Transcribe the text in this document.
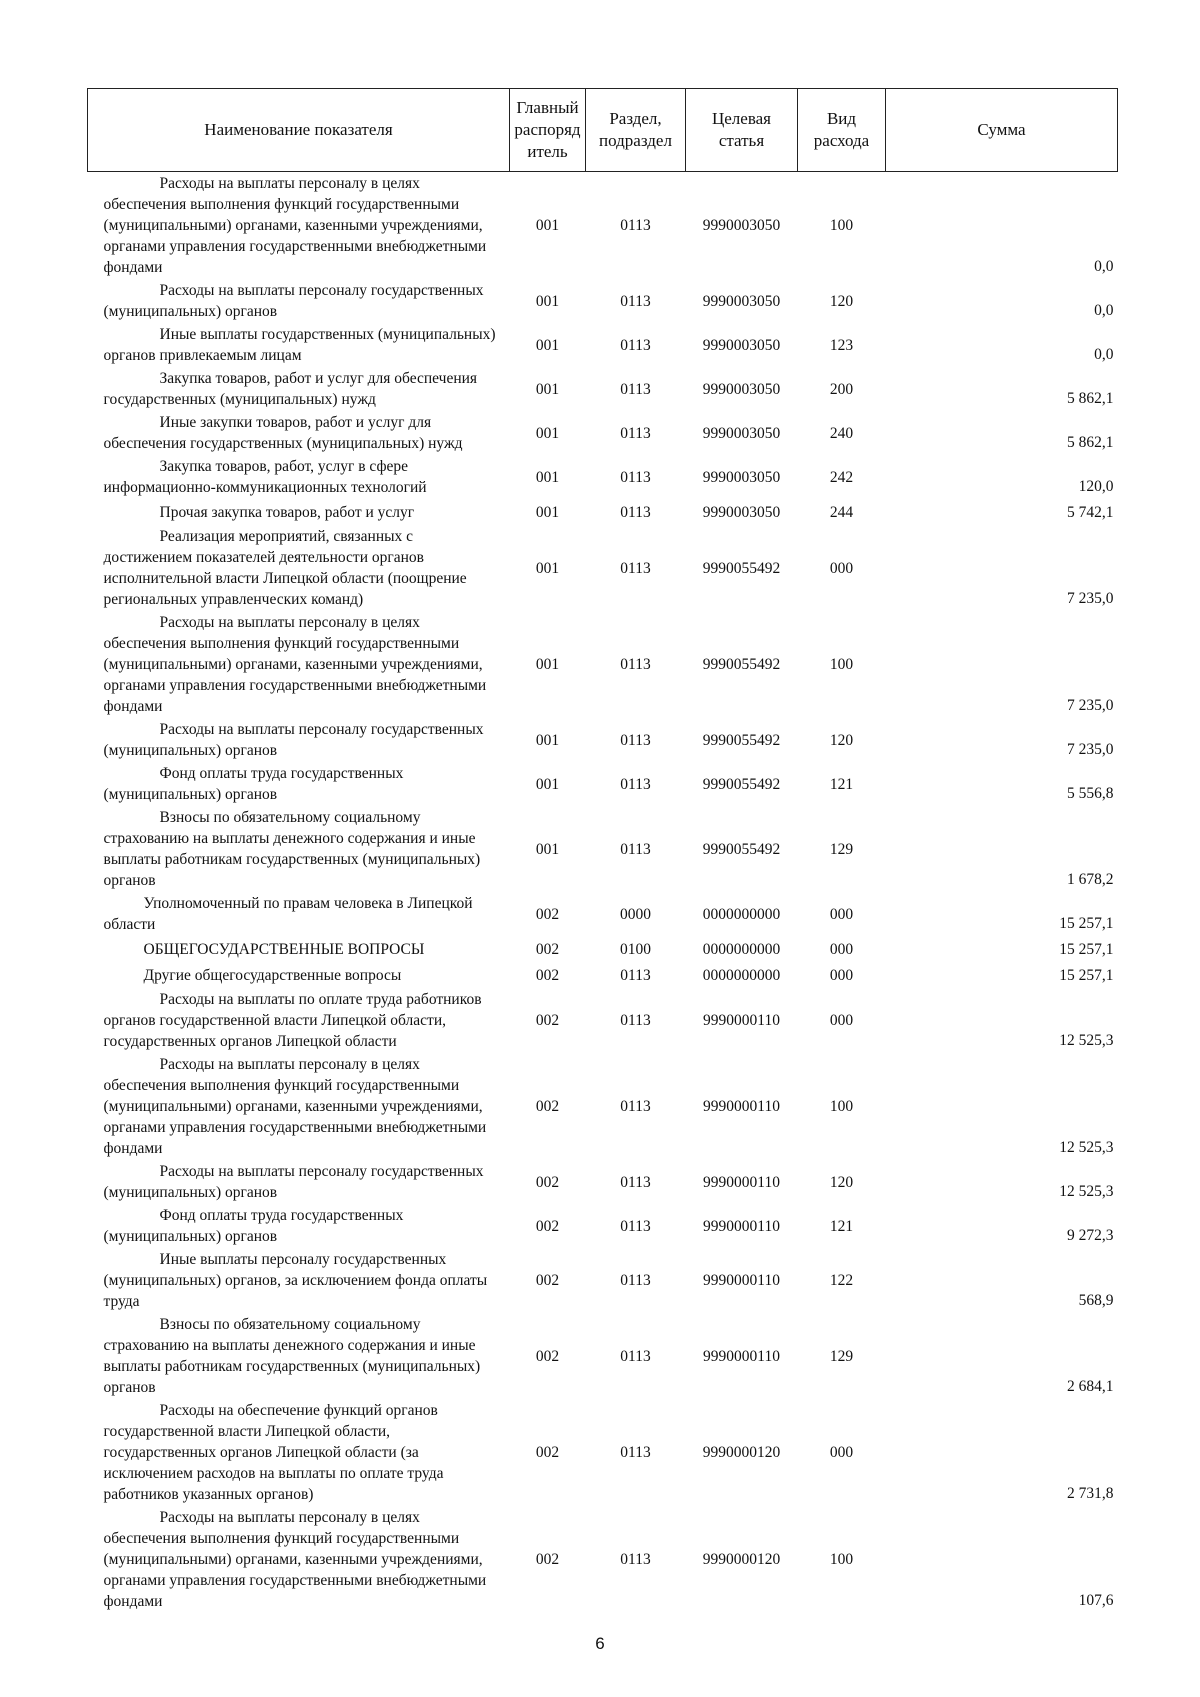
Наименование показателя	Главный распоряд итель	Раздел, подраздел	Целевая статья	Вид расхода	Сумма
Расходы на выплаты персоналу в целях обеспечения выполнения функций государственными (муниципальными) органами, казенными учреждениями, органами управления государственными внебюджетными фондами	001	0113	9990003050	100	0,0
Расходы на выплаты персоналу государственных (муниципальных) органов	001	0113	9990003050	120	0,0
Иные выплаты государственных (муниципальных) органов привлекаемым лицам	001	0113	9990003050	123	0,0
Закупка товаров, работ и услуг для обеспечения государственных (муниципальных) нужд	001	0113	9990003050	200	5 862,1
Иные закупки товаров, работ и услуг для обеспечения государственных (муниципальных) нужд	001	0113	9990003050	240	5 862,1
Закупка товаров, работ, услуг в сфере информационно-коммуникационных технологий	001	0113	9990003050	242	120,0
Прочая закупка товаров, работ и услуг	001	0113	9990003050	244	5 742,1
Реализация мероприятий, связанных с достижением показателей деятельности органов исполнительной власти Липецкой области (поощрение региональных управленческих команд)	001	0113	9990055492	000	7 235,0
Расходы на выплаты персоналу в целях обеспечения выполнения функций государственными (муниципальными) органами, казенными учреждениями, органами управления государственными внебюджетными фондами	001	0113	9990055492	100	7 235,0
Расходы на выплаты персоналу государственных (муниципальных) органов	001	0113	9990055492	120	7 235,0
Фонд оплаты труда государственных (муниципальных) органов	001	0113	9990055492	121	5 556,8
Взносы по обязательному социальному страхованию на выплаты денежного содержания и иные выплаты работникам государственных (муниципальных) органов	001	0113	9990055492	129	1 678,2
Уполномоченный по правам человека в Липецкой области	002	0000	0000000000	000	15 257,1
ОБЩЕГОСУДАРСТВЕННЫЕ ВОПРОСЫ	002	0100	0000000000	000	15 257,1
Другие общегосударственные вопросы	002	0113	0000000000	000	15 257,1
Расходы на выплаты по оплате труда работников органов государственной власти Липецкой области, государственных органов Липецкой области	002	0113	9990000110	000	12 525,3
Расходы на выплаты персоналу в целях обеспечения выполнения функций государственными (муниципальными) органами, казенными учреждениями, органами управления государственными внебюджетными фондами	002	0113	9990000110	100	12 525,3
Расходы на выплаты персоналу государственных (муниципальных) органов	002	0113	9990000110	120	12 525,3
Фонд оплаты труда государственных (муниципальных) органов	002	0113	9990000110	121	9 272,3
Иные выплаты персоналу государственных (муниципальных) органов, за исключением фонда оплаты труда	002	0113	9990000110	122	568,9
Взносы по обязательному социальному страхованию на выплаты денежного содержания и иные выплаты работникам государственных (муниципальных) органов	002	0113	9990000110	129	2 684,1
Расходы на обеспечение функций органов государственной власти Липецкой области, государственных органов Липецкой области (за исключением расходов на выплаты по оплате труда работников указанных органов)	002	0113	9990000120	000	2 731,8
Расходы на выплаты персоналу в целях обеспечения выполнения функций государственными (муниципальными) органами, казенными учреждениями, органами управления государственными внебюджетными фондами	002	0113	9990000120	100	107,6
6
